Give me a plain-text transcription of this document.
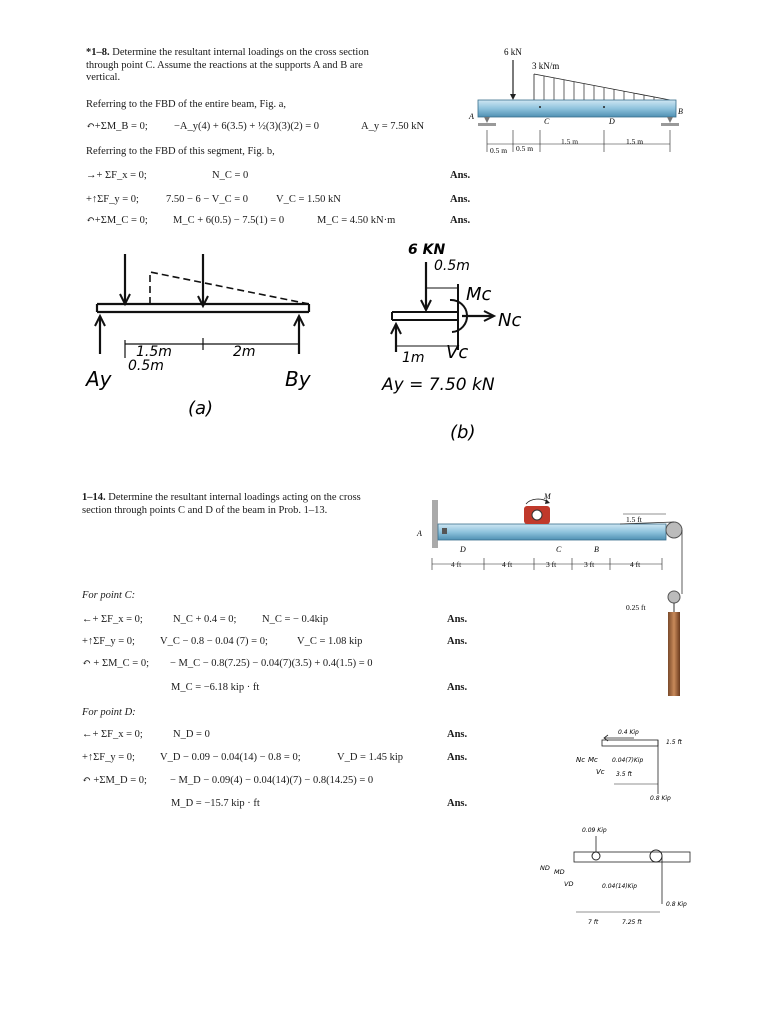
*1–8. Determine the resultant internal loadings on the cross section through point C. Assume the reactions at the supports A and B are vertical.
Referring to the FBD of the entire beam, Fig. a,
↶+ΣM_B = 0; −A_y(4) + 6(3.5) + ½(3)(3)(2) = 0	A_y = 7.50 kN
Referring to the FBD of this segment, Fig. b,
→+ ΣF_x = 0;	N_C = 0	Ans.
+↑ΣF_y = 0;	7.50 − 6 − V_C = 0	V_C = 1.50 kN	Ans.
↶+ΣM_C = 0; M_C + 6(0.5) − 7.5(1) = 0	M_C = 4.50 kN·m	Ans.
6 kN
3 kN/m
A
B
C	D
0.5 m 0.5 m
1.5 m	1.5 m
1.5m	2m
0.5m
Ay	By
(a)
6 KN
0.5m
Mc
Nc
Vc
1m
Ay = 7.50 kN
(b)
1–14. Determine the resultant internal loadings acting on the cross section through points C and D of the beam in Prob. 1–13.
For point C:
←+ ΣF_x = 0;	N_C + 0.4 = 0; N_C = − 0.4kip	Ans.
+↑ΣF_y = 0; V_C − 0.8 − 0.04 (7) = 0;	V_C = 1.08 kip	Ans.
↶ + ΣM_C = 0; − M_C − 0.8(7.25) − 0.04(7)(3.5) + 0.4(1.5) = 0
M_C = −6.18 kip · ft	Ans.
For point D:
←+ ΣF_x = 0;	N_D = 0	Ans.
+↑ΣF_y = 0; V_D − 0.09 − 0.04(14) − 0.8 = 0;	V_D = 1.45 kip	Ans.
↶ +ΣM_D = 0; − M_D − 0.09(4) − 0.04(14)(7) − 0.8(14.25) = 0
M_D = −15.7 kip · ft	Ans.
A
M
1.5 ft
0.25 ft
D	C	B
4 ft	4 ft	3 ft	3 ft	4 ft
0.4 Kip
1.5 ft
Nc Mc
Vc
0.04(7)Kip
3.5 ft
0.8 Kip
0.09 Kip
ND MD
VD	0.04(14)Kip
0.8 Kip
7 ft	7.25 ft
